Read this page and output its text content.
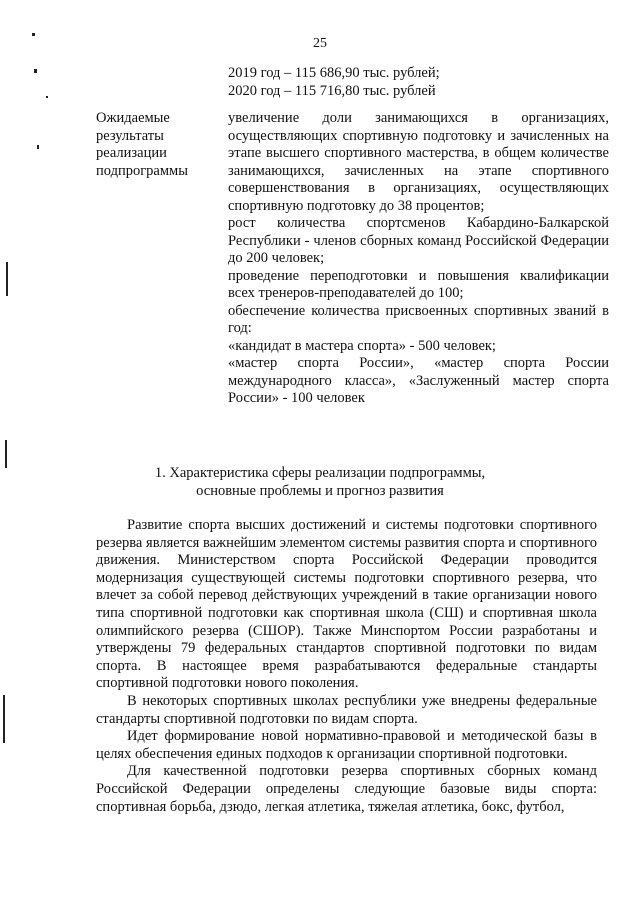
25
2019 год – 115 686,90 тыс. рублей;
2020 год – 115 716,80 тыс. рублей
Ожидаемые результаты реализации подпрограммы

увеличение доли занимающихся в организациях, осуществляющих спортивную подготовку и зачисленных на этапе высшего спортивного мастерства, в общем количестве занимающихся, зачисленных на этапе спортивного совершенствования в организациях, осуществляющих спортивную подготовку до 38 процентов;

рост количества спортсменов Кабардино-Балкарской Республики - членов сборных команд Российской Федерации до 200 человек;

проведение переподготовки и повышения квалификации всех тренеров-преподавателей до 100;

обеспечение количества присвоенных спортивных званий в год:

«кандидат в мастера спорта» - 500 человек;

«мастер спорта России», «мастер спорта России международного класса», «Заслуженный мастер спорта России» - 100 человек

1. Характеристика сферы реализации подпрограммы,
основные проблемы и прогноз развития

Развитие спорта высших достижений и системы подготовки спортивного резерва является важнейшим элементом системы развития спорта и спортивного движения. Министерством спорта Российской Федерации проводится модернизация существующей системы подготовки спортивного резерва, что влечет за собой перевод действующих учреждений в такие организации нового типа спортивной подготовки как спортивная школа (СШ) и спортивная школа олимпийского резерва (СШОР). Также Минспортом России разработаны и утверждены 79 федеральных стандартов спортивной подготовки по видам спорта. В настоящее время разрабатываются федеральные стандарты спортивной подготовки нового поколения.

В некоторых спортивных школах республики уже внедрены федеральные стандарты спортивной подготовки по видам спорта.

Идет формирование новой нормативно-правовой и методической базы в целях обеспечения единых подходов к организации спортивной подготовки.

Для качественной подготовки резерва спортивных сборных команд Российской Федерации определены следующие базовые виды спорта: спортивная борьба, дзюдо, легкая атлетика, тяжелая атлетика, бокс, футбол,
